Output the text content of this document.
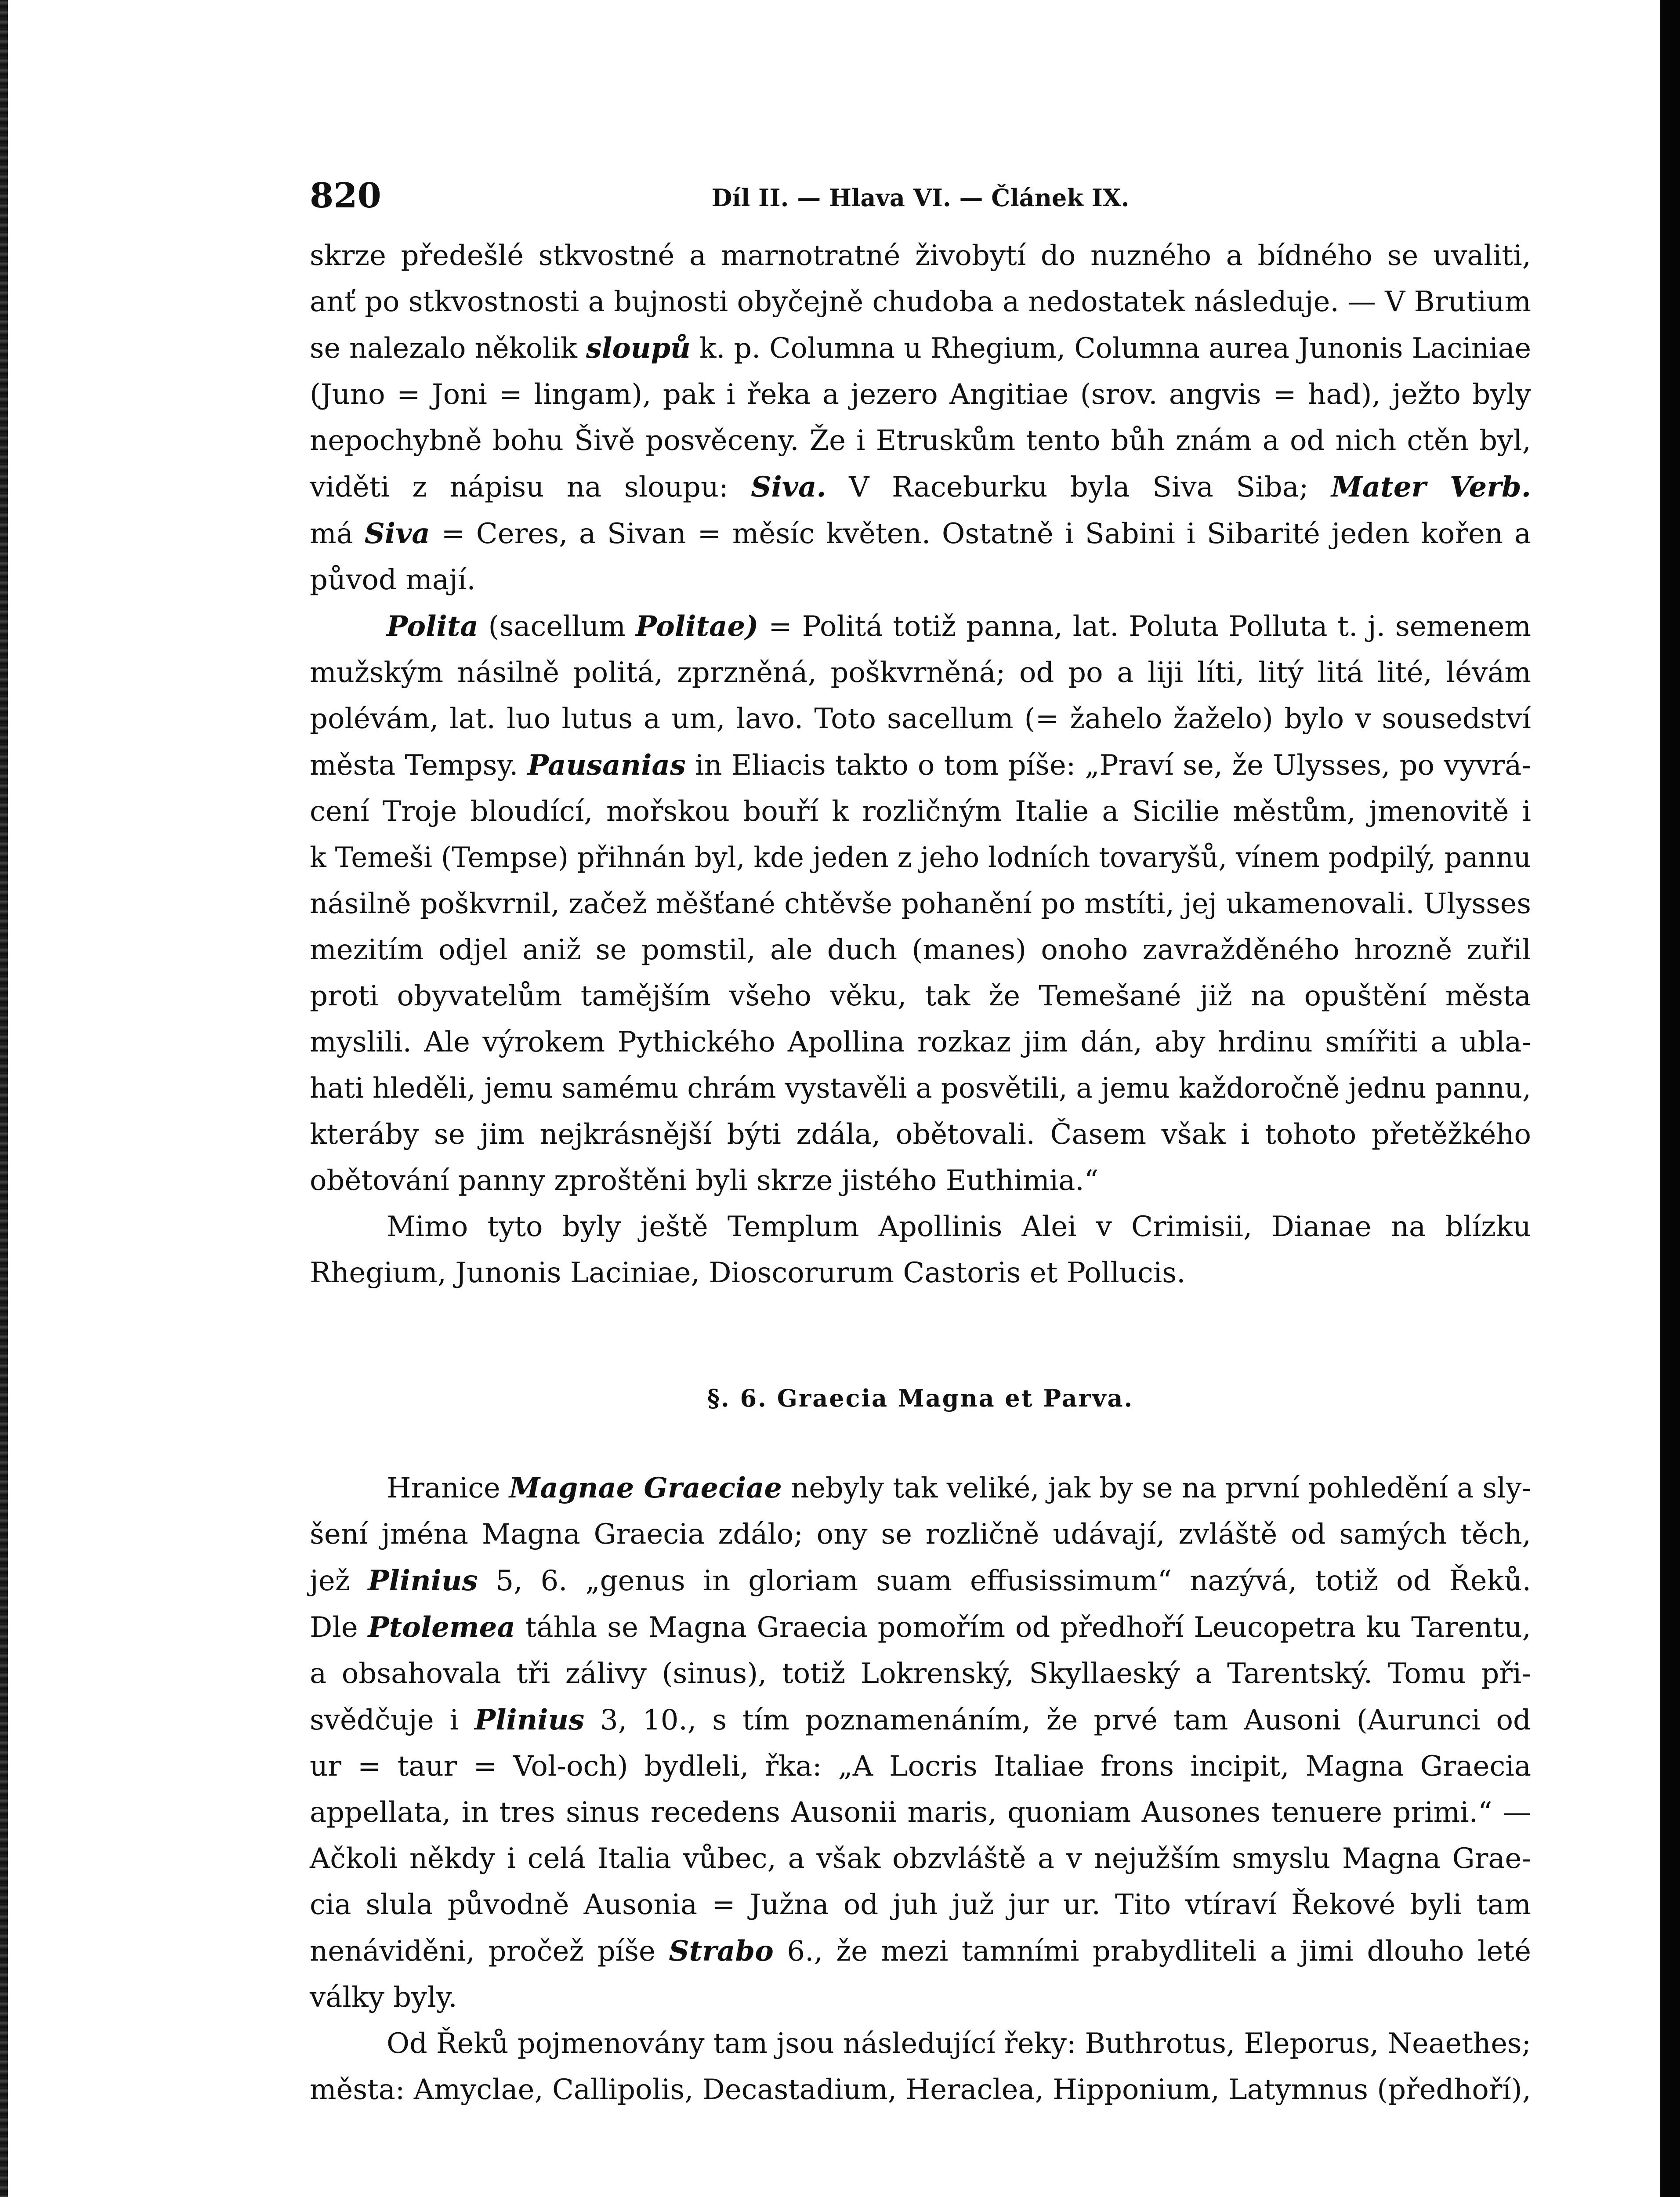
820	Díl II. — Hlava VI. — Článek IX.

skrze předešlé stkvostné a marnotratné živobytí do nuzného a bídného se uvaliti,
anť po stkvostnosti a bujnosti obyčejně chudoba a nedostatek následuje. — V Brutium
se nalezalo několik sloupů k. p. Columna u Rhegium, Columna aurea Junonis Laciniae
(Juno = Joni = lingam), pak i řeka a jezero Angitiae (srov. angvis = had), ježto byly
nepochybně bohu Šivě posvěceny. Že i Etruskům tento bůh znám a od nich ctěn byl,
viděti z nápisu na sloupu: Siva. V Raceburku byla Siva Siba; Mater Verb.
má Siva = Ceres, a Sivan = měsíc květen. Ostatně i Sabini i Sibarité jeden kořen a
původ mají.

Polita (sacellum Politae) = Politá totiž panna, lat. Poluta Polluta t. j. semenem
mužským násilně politá, zprzněná, poškvrněná; od po a liji líti, litý litá lité, lévám
polévám, lat. luo lutus a um, lavo. Toto sacellum (= žahelo žaželo) bylo v sousedství
města Tempsy. Pausanias in Eliacis takto o tom píše: „Praví se, že Ulysses, po vyvrá-
cení Troje bloudící, mořskou bouří k rozličným Italie a Sicilie městům, jmenovitě i
k Temeši (Tempse) přihnán byl, kde jeden z jeho lodních tovaryšů, vínem podpilý, pannu
násilně poškvrnil, začež měšťané chtěvše pohanění po mstíti, jej ukamenovali. Ulysses
mezitím odjel aniž se pomstil, ale duch (manes) onoho zavražděného hrozně zuřil
proti obyvatelům tamějším všeho věku, tak že Temešané již na opuštění města
myslili. Ale výrokem Pythického Apollina rozkaz jim dán, aby hrdinu smířiti a ubla-
hati hleděli, jemu samému chrám vystavěli a posvětili, a jemu každoročně jednu pannu,
kteráby se jim nejkrásnější býti zdála, obětovali. Časem však i tohoto přetěžkého
obětování panny zproštěni byli skrze jistého Euthimia.“

Mimo tyto byly ještě Templum Apollinis Alei v Crimisii, Dianae na blízku
Rhegium, Junonis Laciniae, Dioscorurum Castoris et Pollucis.

§. 6. Graecia Magna et Parva.

Hranice Magnae Graeciae nebyly tak veliké, jak by se na první pohledění a sly-
šení jména Magna Graecia zdálo; ony se rozličně udávají, zvláště od samých těch,
jež Plinius 5, 6. „genus in gloriam suam effusissimum“ nazývá, totiž od Řeků.
Dle Ptolemea táhla se Magna Graecia pomořím od předhoří Leucopetra ku Tarentu,
a obsahovala tři zálivy (sinus), totiž Lokrenský, Skyllaeský a Tarentský. Tomu při-
svědčuje i Plinius 3, 10., s tím poznamenáním, že prvé tam Ausoni (Aurunci od
ur = taur = Vol-och) bydleli, řka: „A Locris Italiae frons incipit, Magna Graecia
appellata, in tres sinus recedens Ausonii maris, quoniam Ausones tenuere primi.“ —
Ačkoli někdy i celá Italia vůbec, a však obzvláště a v nejužším smyslu Magna Grae-
cia slula původně Ausonia = Južna od juh juž jur ur. Tito vtíraví Řekové byli tam
nenáviděni, pročež píše Strabo 6., že mezi tamními prabydliteli a jimi dlouho leté
války byly.

Od Řeků pojmenovány tam jsou následující řeky: Buthrotus, Eleporus, Neaethes;
města: Amyclae, Callipolis, Decastadium, Heraclea, Hipponium, Latymnus (předhoří),
